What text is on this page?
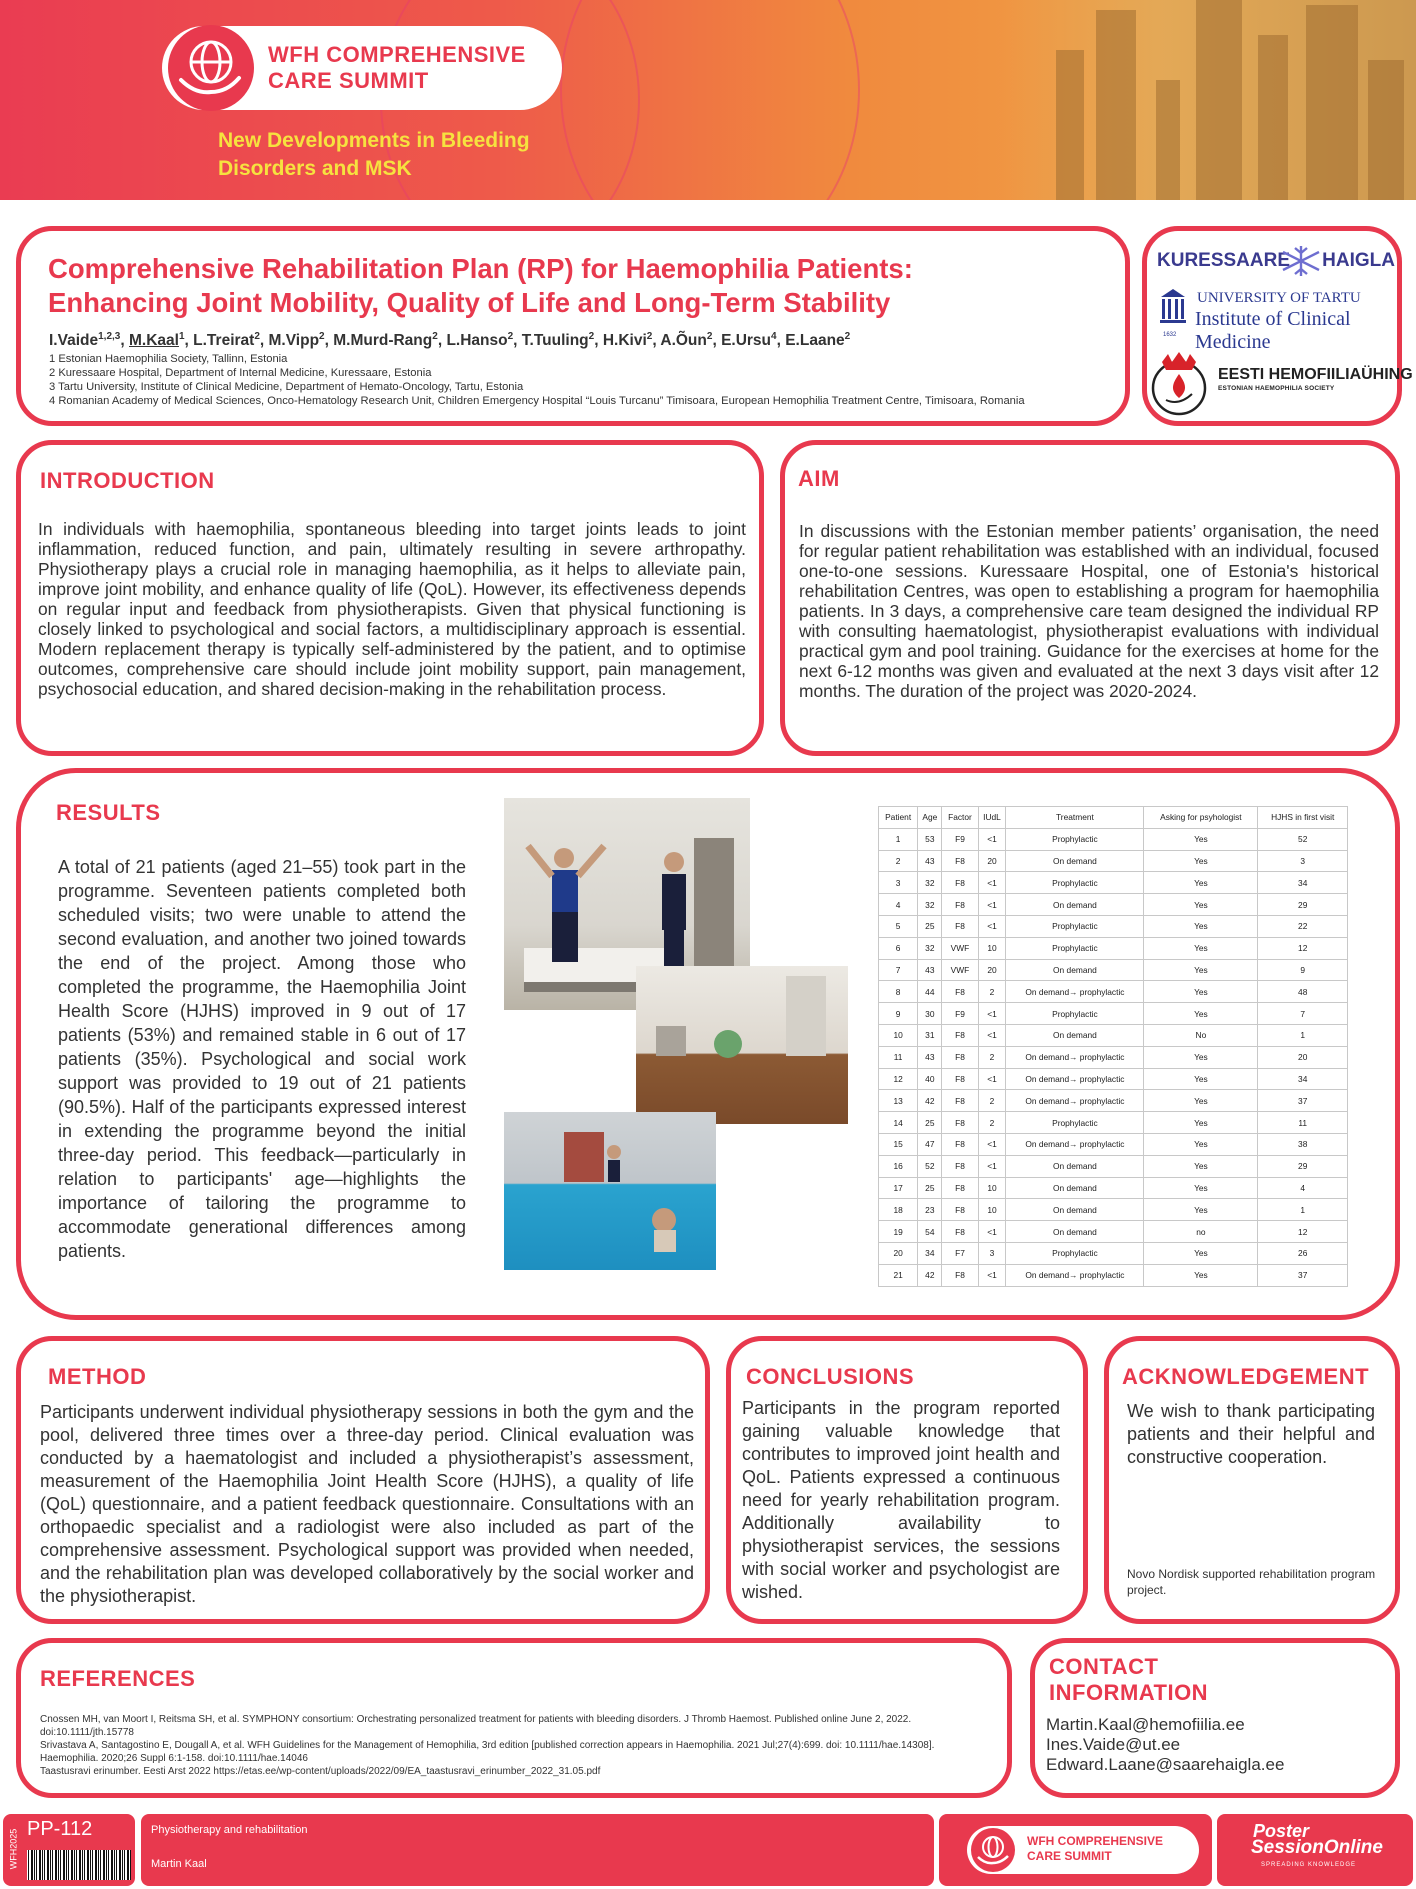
WFH COMPREHENSIVE
CARE SUMMIT
New Developments in Bleeding
Disorders and MSK
Comprehensive Rehabilitation Plan (RP) for Haemophilia Patients:
Enhancing Joint Mobility, Quality of Life and Long-Term Stability
I.Vaide$^{1,2,3}$, M.Kaal$^1$, L.Treirat$^2$, M.Vipp$^2$, M.Murd-Rang$^2$, L.Hanso$^2$, T.Tuuling$^2$, H.Kivi$^2$, A.Õun$^2$, E.Ursu$^4$, E.Laane$^2$
1 Estonian Haemophilia Society, Tallinn, Estonia
2 Kuressaare Hospital, Department of Internal Medicine, Kuressaare, Estonia
3 Tartu University, Institute of Clinical Medicine, Department of Hemato-Oncology, Tartu, Estonia
4 Romanian Academy of Medical Sciences, Onco-Hematology Research Unit, Children Emergency Hospital “Louis Turcanu” Timisoara, European Hemophilia Treatment Centre, Timisoara, Romania
KURESSAARE HAIGLA
1632
UNIVERSITY OF TARTU
Institute of Clinical Medicine
EESTI HEMOFIILIAÜHING
ESTONIAN HAEMOPHILIA SOCIETY
INTRODUCTION
In individuals with haemophilia, spontaneous bleeding into target joints leads to joint inflammation, reduced function, and pain, ultimately resulting in severe arthropathy. Physiotherapy plays a crucial role in managing haemophilia, as it helps to alleviate pain, improve joint mobility, and enhance quality of life (QoL). However, its effectiveness depends on regular input and feedback from physiotherapists. Given that physical functioning is closely linked to psychological and social factors, a multidisciplinary approach is essential. Modern replacement therapy is typically self-administered by the patient, and to optimise outcomes, comprehensive care should include joint mobility support, pain management, psychosocial education, and shared decision-making in the rehabilitation process.
AIM
In discussions with the Estonian member patients’ organisation, the need for regular patient rehabilitation was established with an individual, focused one-to-one sessions. Kuressaare Hospital, one of Estonia's historical rehabilitation Centres, was open to establishing a program for haemophilia patients. In 3 days, a comprehensive care team designed the individual RP with consulting haematologist, physiotherapist evaluations with individual practical gym and pool training. Guidance for the exercises at home for the next 6-12 months was given and evaluated at the next 3 days visit after 12 months. The duration of the project was 2020-2024.
RESULTS
A total of 21 patients (aged 21–55) took part in the programme. Seventeen patients completed both scheduled visits; two were unable to attend the second evaluation, and another two joined towards the end of the project. Among those who completed the programme, the Haemophilia Joint Health Score (HJHS) improved in 9 out of 17 patients (53%) and remained stable in 6 out of 17 patients (35%). Psychological and social work support was provided to 19 out of 21 patients (90.5%). Half of the participants expressed interest in extending the programme beyond the initial three-day period. This feedback—particularly in relation to participants' age—highlights the importance of tailoring the programme to accommodate generational differences among patients.
Patient	Age	Factor	IUdL	Treatment	Asking for psyhologist	HJHS in first visit
1	53	F9	<1	Prophylactic	Yes	52
2	43	F8	20	On demand	Yes	3
3	32	F8	<1	Prophylactic	Yes	34
4	32	F8	<1	On demand	Yes	29
5	25	F8	<1	Prophylactic	Yes	22
6	32	VWF	10	Prophylactic	Yes	12
7	43	VWF	20	On demand	Yes	9
8	44	F8	2	On demand→ prophylactic	Yes	48
9	30	F9	<1	Prophylactic	Yes	7
10	31	F8	<1	On demand	No	1
11	43	F8	2	On demand→ prophylactic	Yes	20
12	40	F8	<1	On demand→ prophylactic	Yes	34
13	42	F8	2	On demand→ prophylactic	Yes	37
14	25	F8	2	Prophylactic	Yes	11
15	47	F8	<1	On demand→ prophylactic	Yes	38
16	52	F8	<1	On demand	Yes	29
17	25	F8	10	On demand	Yes	4
18	23	F8	10	On demand	Yes	1
19	54	F8	<1	On demand	no	12
20	34	F7	3	Prophylactic	Yes	26
21	42	F8	<1	On demand→ prophylactic	Yes	37
METHOD
Participants underwent individual physiotherapy sessions in both the gym and the pool, delivered three times over a three-day period. Clinical evaluation was conducted by a haematologist and included a physiotherapist’s assessment, measurement of the Haemophilia Joint Health Score (HJHS), a quality of life (QoL) questionnaire, and a patient feedback questionnaire. Consultations with an orthopaedic specialist and a radiologist were also included as part of the comprehensive assessment. Psychological support was provided when needed, and the rehabilitation plan was developed collaboratively by the social worker and the physiotherapist.
CONCLUSIONS
Participants in the program reported gaining valuable knowledge that contributes to improved joint health and QoL. Patients expressed a continuous need for yearly rehabilitation program. Additionally availability to physiotherapist services, the sessions with social worker and psychologist are wished.
ACKNOWLEDGEMENT
We wish to thank participating patients and their helpful and constructive cooperation.
Novo Nordisk supported rehabilitation program project.
REFERENCES
Cnossen MH, van Moort I, Reitsma SH, et al. SYMPHONY consortium: Orchestrating personalized treatment for patients with bleeding disorders. J Thromb Haemost. Published online June 2, 2022. doi:10.1111/jth.15778
Srivastava A, Santagostino E, Dougall A, et al. WFH Guidelines for the Management of Hemophilia, 3rd edition [published correction appears in Haemophilia. 2021 Jul;27(4):699. doi: 10.1111/hae.14308]. Haemophilia. 2020;26 Suppl 6:1-158. doi:10.1111/hae.14046
Taastusravi erinumber. Eesti Arst 2022 https://etas.ee/wp-content/uploads/2022/09/EA_taastusravi_erinumber_2022_31.05.pdf
CONTACT
INFORMATION
Martin.Kaal@hemofiilia.ee
Ines.Vaide@ut.ee
Edward.Laane@saarehaigla.ee
WFH2025 PP-112	Physiotherapy and rehabilitation
Martin Kaal
WFH COMPREHENSIVE
CARE SUMMIT
Poster
SessionOnline
SPREADING KNOWLEDGE
